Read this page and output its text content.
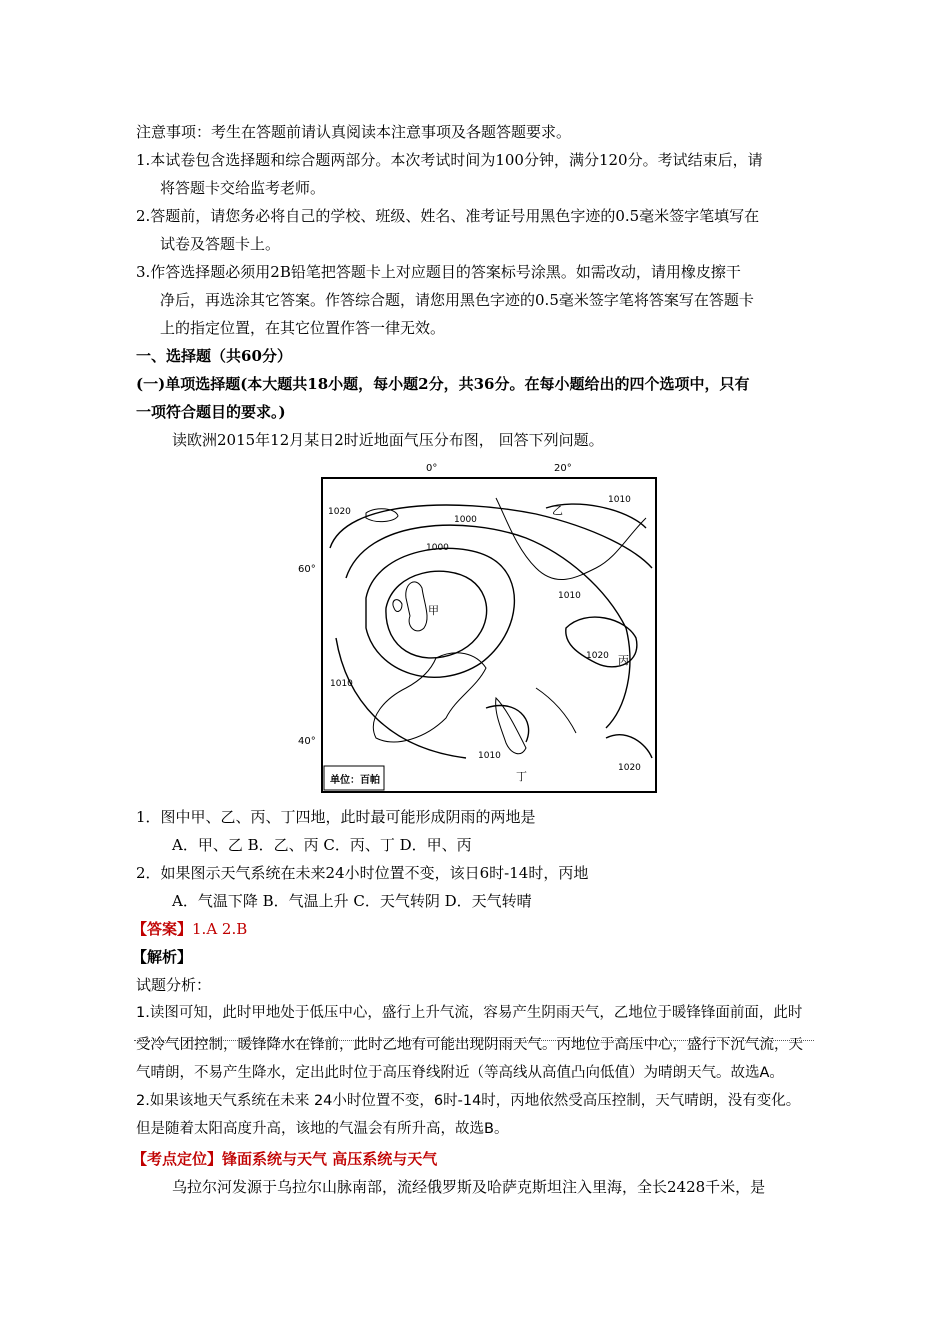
注意事项：考生在答题前请认真阅读本注意事项及各题答题要求。
1.本试卷包含选择题和综合题两部分。本次考试时间为100分钟，满分120分。考试结束后，请
将答题卡交给监考老师。
2.答题前，请您务必将自己的学校、班级、姓名、准考证号用黑色字迹的0.5毫米签字笔填写在
试卷及答题卡上。
3.作答选择题必须用2B铅笔把答题卡上对应题目的答案标号涂黑。如需改动，请用橡皮擦干
净后，再选涂其它答案。作答综合题，请您用黑色字迹的0.5毫米签字笔将答案写在答题卡
上的指定位置，在其它位置作答一律无效。
一、选择题（共60分）
(一)单项选择题(本大题共18小题，每小题2分，共36分。在每小题给出的四个选项中，只有
一项符合题目的要求。)
读欧洲2015年12月某日2时近地面气压分布图， 回答下列问题。
0°	20°
60°
40°
1020
1000
1000
1010
1010
1020
1010
1020
1010
甲
乙
丙
丁
单位：百帕
1．图中甲、乙、丙、丁四地，此时最可能形成阴雨的两地是
A．甲、乙 B．乙、丙 C．丙、丁 D．甲、丙
2．如果图示天气系统在未来24小时位置不变，该日6时-14时，丙地
A．气温下降 B．气温上升 C．天气转阴 D．天气转晴
【答案】1.A 2.B
【解析】
试题分析：
1.读图可知，此时甲地处于低压中心，盛行上升气流，容易产生阴雨天气，乙地位于暖锋锋面前面，此时
受冷气团控制，暖锋降水在锋前，此时乙地有可能出现阴雨天气。丙地位于高压中心，盛行下沉气流，天
气晴朗，不易产生降水，定出此时位于高压脊线附近（等高线从高值凸向低值）为晴朗天气。故选A。
2.如果该地天气系统在未来 24小时位置不变，6时-14时，丙地依然受高压控制，天气晴朗，没有变化。
但是随着太阳高度升高，该地的气温会有所升高，故选B。
【考点定位】锋面系统与天气 高压系统与天气
乌拉尔河发源于乌拉尔山脉南部，流经俄罗斯及哈萨克斯坦注入里海，全长2428千米，是
